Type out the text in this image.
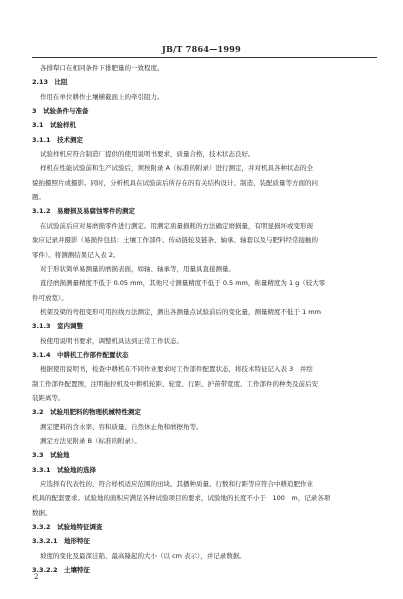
JB/T 7864—1999
各排犁口在相同条件下排肥量的一致程度。
2.13　比阻
作用在单位耕作土壤横截面上的牵引阻力。
3　试验条件与准备
3.1　试验样机
3.1.1　技术测定
试验样机应符合制造厂提供的使用说明书要求，质量合格，技术状态良好。
样机在性能试验前和生产试验后，须按附录 A（标准的附录）进行测定，并对机具各种状态的全
貌拍摄照片或摄影。同时，分析机具在试验前后所存在的有关结构设计、制造、装配质量等方面的问
题。
3.1.2　易磨损及易腐蚀零件的测定
在试验前后应对易磨损零件进行测定。用测定质量损耗的方法确定磨损量，有明显损坏或变形现
象应记录并摄影（易损件包括：土壤工作部件、传动链轮及链条、轴承、轴套以及与肥料经常接触的
零件）。将测测结果记入表 2。
对于形状简单易测量的磨损表面，如轴、轴承等，用量具直接测量。
直径磨损测量精度不低于 0.05 mm，其他尺寸测量精度不低于 0.5 mm，称量精度为 1 g（较大零
件可放宽）。
机架及梁的弯扭变形可用拉线方法测定，测出各测量点试验前后的变化量，测量精度不低于 1 mm
3.1.3　室内调整
按使用说明书要求，调整机具达到正常工作状态。
3.1.4　中耕机工作部件配置状态
根据使用说明书，检查中耕机在不同作业要求时工作部件配置状态，将技术特征记入表 3　并绘
制工作部件配置图，注明拖拉机及中耕机轮距、轮宽、行距、护苗带宽度、工作部件的种类及前后安
装距离等。
3.2　试验用肥料的物理机械特性测定
测定肥料的含水率、容积质量、自然休止角和磨擦角等。
测定方法见附录 B（标准的附录）。
3.3　试验地
3.3.1　试验地的选择
应选择有代表性的、符合样机适应范围的田块。其播种质量、行数和行距等应符合中耕追肥作业
机具的配套要求。试验地的面积应满足各种试验项目的要求，试验地的长度不小于　100　m，记录各项
数据。
3.3.2　试验地特征调查
3.3.2.1　地形特征
坡度的变化及最深洼陷、最高隆起的大小（以 cm 表示），并记录数据。
3.3.2.2　土壤特征
2
